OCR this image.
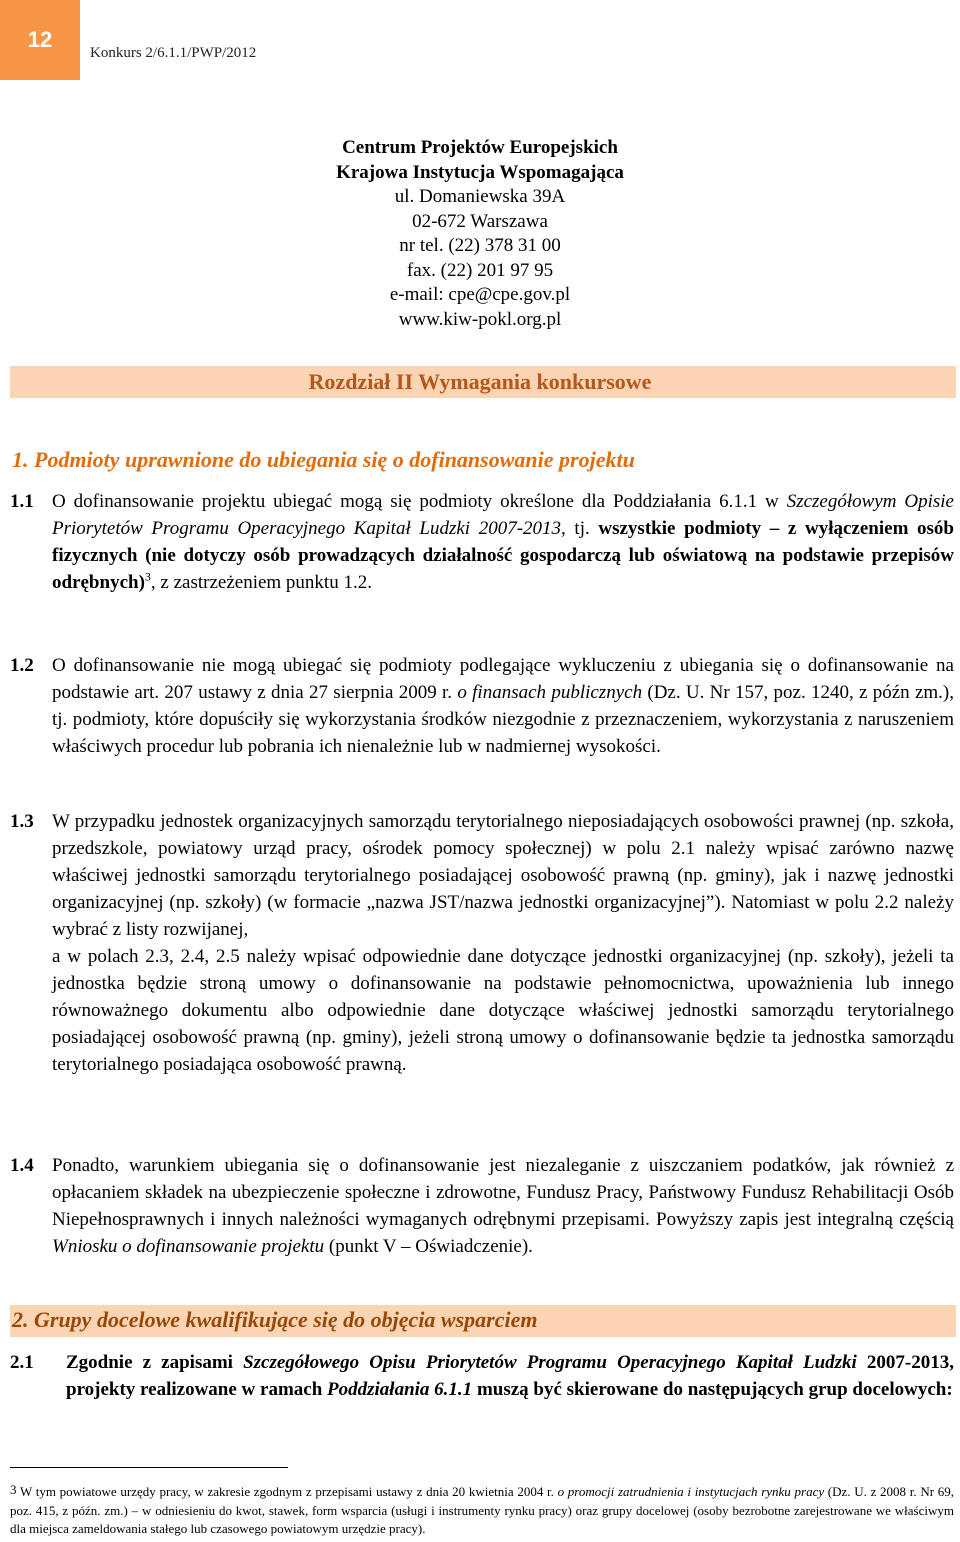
12
Konkurs 2/6.1.1/PWP/2012
Centrum Projektów Europejskich
Krajowa Instytucja Wspomagająca
ul. Domaniewska 39A
02-672 Warszawa
nr tel. (22) 378 31 00
fax. (22) 201 97 95
e-mail: cpe@cpe.gov.pl
www.kiw-pokl.org.pl
Rozdział II Wymagania konkursowe
1. Podmioty uprawnione do ubiegania się o dofinansowanie projektu
1.1 O dofinansowanie projektu ubiegać mogą się podmioty określone dla Poddziałania 6.1.1 w Szczegółowym Opisie Priorytetów Programu Operacyjnego Kapitał Ludzki 2007-2013, tj. wszystkie podmioty – z wyłączeniem osób fizycznych (nie dotyczy osób prowadzących działalność gospodarczą lub oświatową na podstawie przepisów odrębnych)$^3$, z zastrzeżeniem punktu 1.2.
1.2 O dofinansowanie nie mogą ubiegać się podmioty podlegające wykluczeniu z ubiegania się o dofinansowanie na podstawie art. 207 ustawy z dnia 27 sierpnia 2009 r. o finansach publicznych (Dz. U. Nr 157, poz. 1240, z późn zm.), tj. podmioty, które dopuściły się wykorzystania środków niezgodnie z przeznaczeniem, wykorzystania z naruszeniem właściwych procedur lub pobrania ich nienależnie lub w nadmiernej wysokości.
1.3 W przypadku jednostek organizacyjnych samorządu terytorialnego nieposiadających osobowości prawnej (np. szkoła, przedszkole, powiatowy urząd pracy, ośrodek pomocy społecznej) w polu 2.1 należy wpisać zarówno nazwę właściwej jednostki samorządu terytorialnego posiadającej osobowość prawną (np. gminy), jak i nazwę jednostki organizacyjnej (np. szkoły) (w formacie „nazwa JST/nazwa jednostki organizacyjnej”). Natomiast w polu 2.2 należy wybrać z listy rozwijanej,
a w polach 2.3, 2.4, 2.5 należy wpisać odpowiednie dane dotyczące jednostki organizacyjnej (np. szkoły), jeżeli ta jednostka będzie stroną umowy o dofinansowanie na podstawie pełnomocnictwa, upoważnienia lub innego równoważnego dokumentu albo odpowiednie dane dotyczące właściwej jednostki samorządu terytorialnego posiadającej osobowość prawną (np. gminy), jeżeli stroną umowy o dofinansowanie będzie ta jednostka samorządu terytorialnego posiadająca osobowość prawną.
1.4 Ponadto, warunkiem ubiegania się o dofinansowanie jest niezaleganie z uiszczaniem podatków, jak również z opłacaniem składek na ubezpieczenie społeczne i zdrowotne, Fundusz Pracy, Państwowy Fundusz Rehabilitacji Osób Niepełnosprawnych i innych należności wymaganych odrębnymi przepisami. Powyższy zapis jest integralną częścią Wniosku o dofinansowanie projektu (punkt V – Oświadczenie).
2. Grupy docelowe kwalifikujące się do objęcia wsparciem
2.1 Zgodnie z zapisami Szczegółowego Opisu Priorytetów Programu Operacyjnego Kapitał Ludzki 2007-2013, projekty realizowane w ramach Poddziałania 6.1.1 muszą być skierowane do następujących grup docelowych:
3 W tym powiatowe urzędy pracy, w zakresie zgodnym z przepisami ustawy z dnia 20 kwietnia 2004 r. o promocji zatrudnienia i instytucjach rynku pracy (Dz. U. z 2008 r. Nr 69, poz. 415, z późn. zm.) – w odniesieniu do kwot, stawek, form wsparcia (usługi i instrumenty rynku pracy) oraz grupy docelowej (osoby bezrobotne zarejestrowane we właściwym dla miejsca zameldowania stałego lub czasowego powiatowym urzędzie pracy).
